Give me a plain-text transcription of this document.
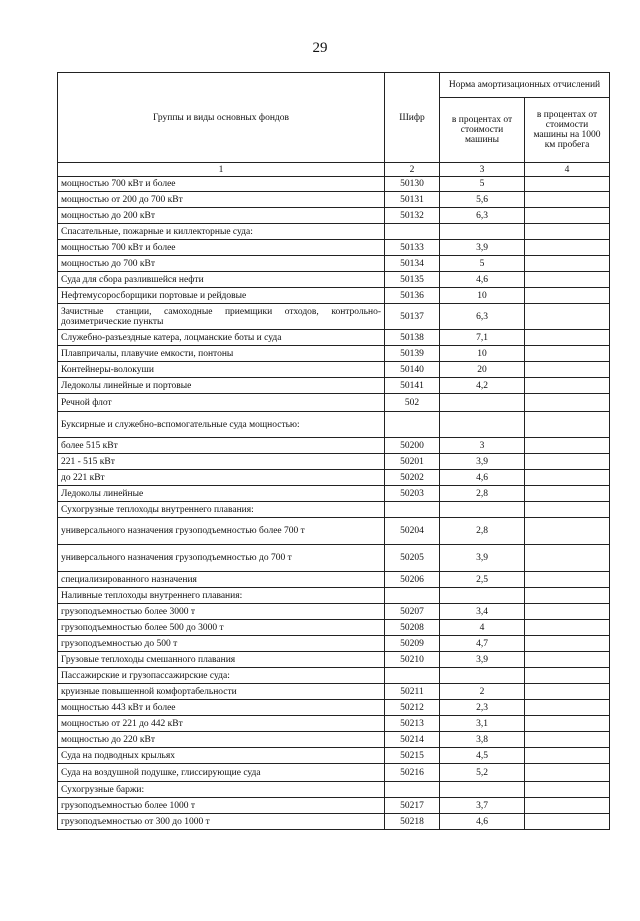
29
Группы и виды основных фондов	Шифр	Норма амортизационных отчислений	
		в процентах от стоимости машины	в процентах от стоимости машины на 1000 км пробега
1	2	3	4
мощностью 700 кВт и более	50130	5	
мощностью от 200 до 700 кВт	50131	5,6	
мощностью до 200 кВт	50132	6,3	
Спасательные, пожарные и киллекторные суда:			
мощностью 700 кВт и более	50133	3,9	
мощностью до 700 кВт	50134	5	
Суда для сбора разлившейся нефти	50135	4,6	
Нефтемусоросборщики портовые и рейдовые	50136	10	
Зачистные станции, самоходные приемщики отходов, контрольно-дозиметрические пункты	50137	6,3	
Служебно-разъездные катера, лоцманские боты и суда	50138	7,1	
Плавпричалы, плавучие емкости, понтоны	50139	10	
Контейнеры-волокуши	50140	20	
Ледоколы линейные и портовые	50141	4,2	
Речной флот	502		
Буксирные и служебно-вспомогательные суда мощностью:			
более 515 кВт	50200	3	
221 - 515 кВт	50201	3,9	
до 221 кВт	50202	4,6	
Ледоколы линейные	50203	2,8	
Сухогрузные теплоходы внутреннего плавания:			
универсального назначения грузоподъемностью более 700 т	50204	2,8	
универсального назначения грузоподъемностью до 700 т	50205	3,9	
специализированного назначения	50206	2,5	
Наливные теплоходы внутреннего плавания:			
грузоподъемностью более 3000 т	50207	3,4	
грузоподъемностью более 500 до 3000 т	50208	4	
грузоподъемностью до 500 т	50209	4,7	
Грузовые теплоходы смешанного плавания	50210	3,9	
Пассажирские и грузопассажирские суда:			
круизные повышенной комфортабельности	50211	2	
мощностью 443 кВт и более	50212	2,3	
мощностью от 221 до 442 кВт	50213	3,1	
мощностью до 220 кВт	50214	3,8	
Суда на подводных крыльях	50215	4,5	
Суда на воздушной подушке, глиссирующие суда	50216	5,2	
Сухогрузные баржи:			
грузоподъемностью более 1000 т	50217	3,7	
грузоподъемностью от 300 до 1000 т	50218	4,6	
